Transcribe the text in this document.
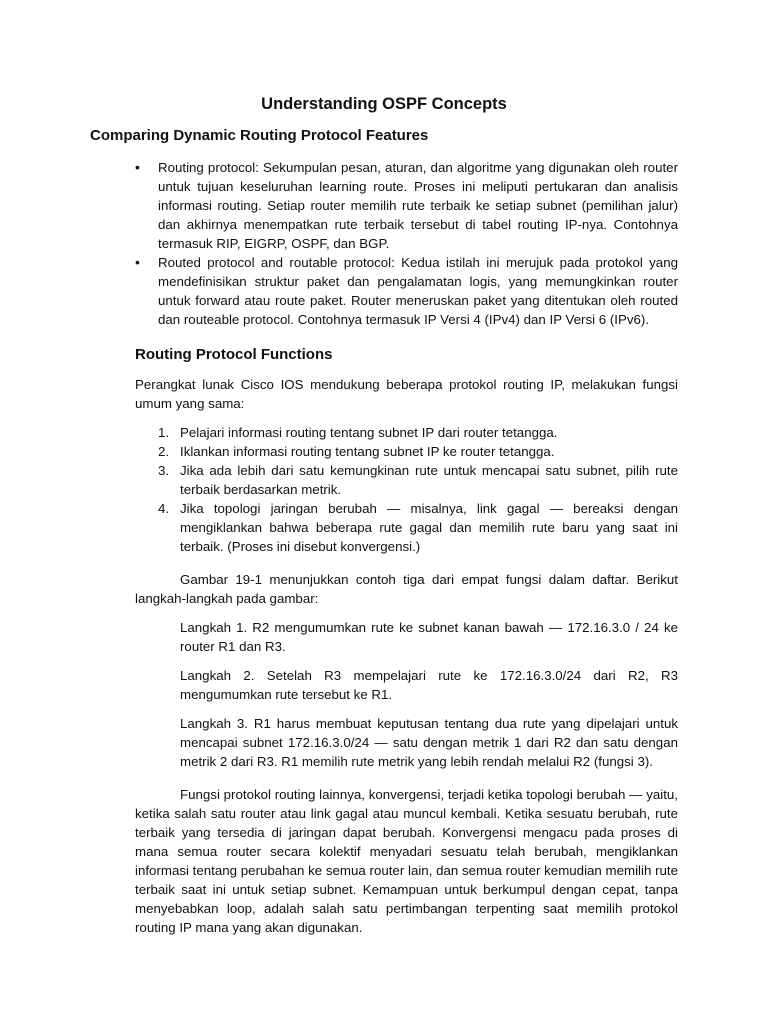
Understanding OSPF Concepts
Comparing Dynamic Routing Protocol Features
• Routing protocol: Sekumpulan pesan, aturan, dan algoritme yang digunakan oleh router untuk tujuan keseluruhan learning route. Proses ini meliputi pertukaran dan analisis informasi routing. Setiap router memilih rute terbaik ke setiap subnet (pemilihan jalur) dan akhirnya menempatkan rute terbaik tersebut di tabel routing IP-nya. Contohnya termasuk RIP, EIGRP, OSPF, dan BGP.
• Routed protocol and routable protocol: Kedua istilah ini merujuk pada protokol yang mendefinisikan struktur paket dan pengalamatan logis, yang memungkinkan router untuk forward atau route paket. Router meneruskan paket yang ditentukan oleh routed dan routeable protocol. Contohnya termasuk IP Versi 4 (IPv4) dan IP Versi 6 (IPv6).
Routing Protocol Functions

Perangkat lunak Cisco IOS mendukung beberapa protokol routing IP, melakukan fungsi umum yang sama:

1. Pelajari informasi routing tentang subnet IP dari router tetangga.
2. Iklankan informasi routing tentang subnet IP ke router tetangga.
3. Jika ada lebih dari satu kemungkinan rute untuk mencapai satu subnet, pilih rute terbaik berdasarkan metrik.
4. Jika topologi jaringan berubah — misalnya, link gagal — bereaksi dengan mengiklankan bahwa beberapa rute gagal dan memilih rute baru yang saat ini terbaik. (Proses ini disebut konvergensi.)

Gambar 19-1 menunjukkan contoh tiga dari empat fungsi dalam daftar. Berikut langkah-langkah pada gambar:

Langkah 1. R2 mengumumkan rute ke subnet kanan bawah — 172.16.3.0 / 24 ke router R1 dan R3.

Langkah 2. Setelah R3 mempelajari rute ke 172.16.3.0/24 dari R2, R3 mengumumkan rute tersebut ke R1.

Langkah 3. R1 harus membuat keputusan tentang dua rute yang dipelajari untuk mencapai subnet 172.16.3.0/24 — satu dengan metrik 1 dari R2 dan satu dengan metrik 2 dari R3. R1 memilih rute metrik yang lebih rendah melalui R2 (fungsi 3).

Fungsi protokol routing lainnya, konvergensi, terjadi ketika topologi berubah — yaitu, ketika salah satu router atau link gagal atau muncul kembali. Ketika sesuatu berubah, rute terbaik yang tersedia di jaringan dapat berubah. Konvergensi mengacu pada proses di mana semua router secara kolektif menyadari sesuatu telah berubah, mengiklankan informasi tentang perubahan ke semua router lain, dan semua router kemudian memilih rute terbaik saat ini untuk setiap subnet. Kemampuan untuk berkumpul dengan cepat, tanpa menyebabkan loop, adalah salah satu pertimbangan terpenting saat memilih protokol routing IP mana yang akan digunakan.
